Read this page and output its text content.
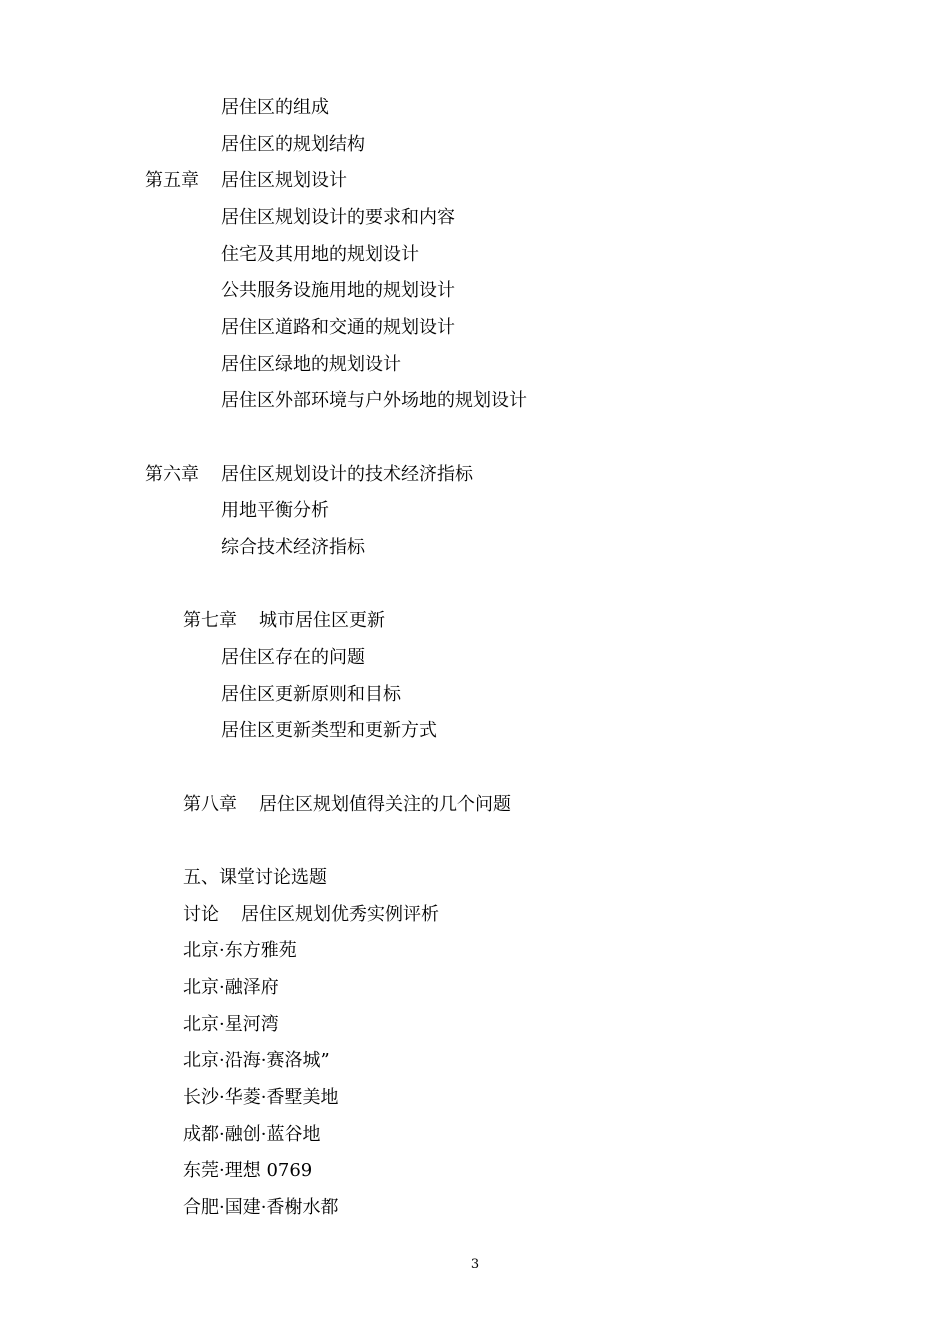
居住区的组成
居住区的规划结构
第五章 居住区规划设计
居住区规划设计的要求和内容
住宅及其用地的规划设计
公共服务设施用地的规划设计
居住区道路和交通的规划设计
居住区绿地的规划设计
居住区外部环境与户外场地的规划设计
第六章 居住区规划设计的技术经济指标
用地平衡分析
综合技术经济指标
第七章 城市居住区更新
居住区存在的问题
居住区更新原则和目标
居住区更新类型和更新方式
第八章 居住区规划值得关注的几个问题
五、课堂讨论选题
讨论 居住区规划优秀实例评析
北京·东方雅苑
北京·融泽府
北京·星河湾
北京·沿海·赛洛城”
长沙·华菱·香墅美地
成都·融创·蓝谷地
东莞·理想 0769
合肥·国建·香榭水都
3
